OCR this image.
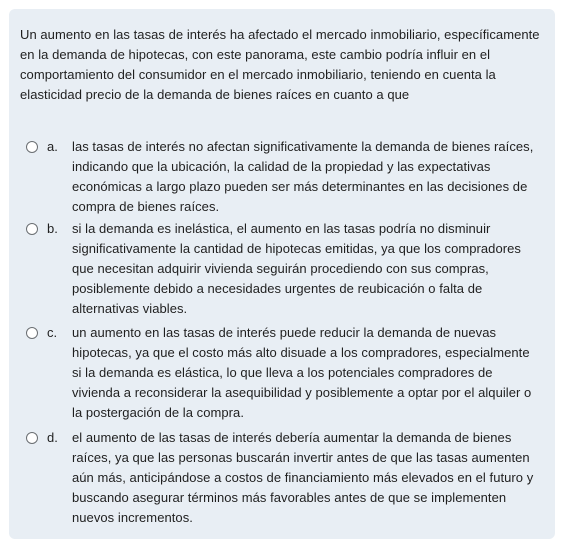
Un aumento en las tasas de interés ha afectado el mercado inmobiliario, específicamente en la demanda de hipotecas, con este panorama, este cambio podría influir en el comportamiento del consumidor en el mercado inmobiliario, teniendo en cuenta la elasticidad precio de la demanda de bienes raíces en cuanto a que

a. las tasas de interés no afectan significativamente la demanda de bienes raíces, indicando que la ubicación, la calidad de la propiedad y las expectativas económicas a largo plazo pueden ser más determinantes en las decisiones de compra de bienes raíces.
b. si la demanda es inelástica, el aumento en las tasas podría no disminuir significativamente la cantidad de hipotecas emitidas, ya que los compradores que necesitan adquirir vivienda seguirán procediendo con sus compras, posiblemente debido a necesidades urgentes de reubicación o falta de alternativas viables.
c. un aumento en las tasas de interés puede reducir la demanda de nuevas hipotecas, ya que el costo más alto disuade a los compradores, especialmente si la demanda es elástica, lo que lleva a los potenciales compradores de vivienda a reconsiderar la asequibilidad y posiblemente a optar por el alquiler o la postergación de la compra.
d. el aumento de las tasas de interés debería aumentar la demanda de bienes raíces, ya que las personas buscarán invertir antes de que las tasas aumenten aún más, anticipándose a costos de financiamiento más elevados en el futuro y buscando asegurar términos más favorables antes de que se implementen nuevos incrementos.
